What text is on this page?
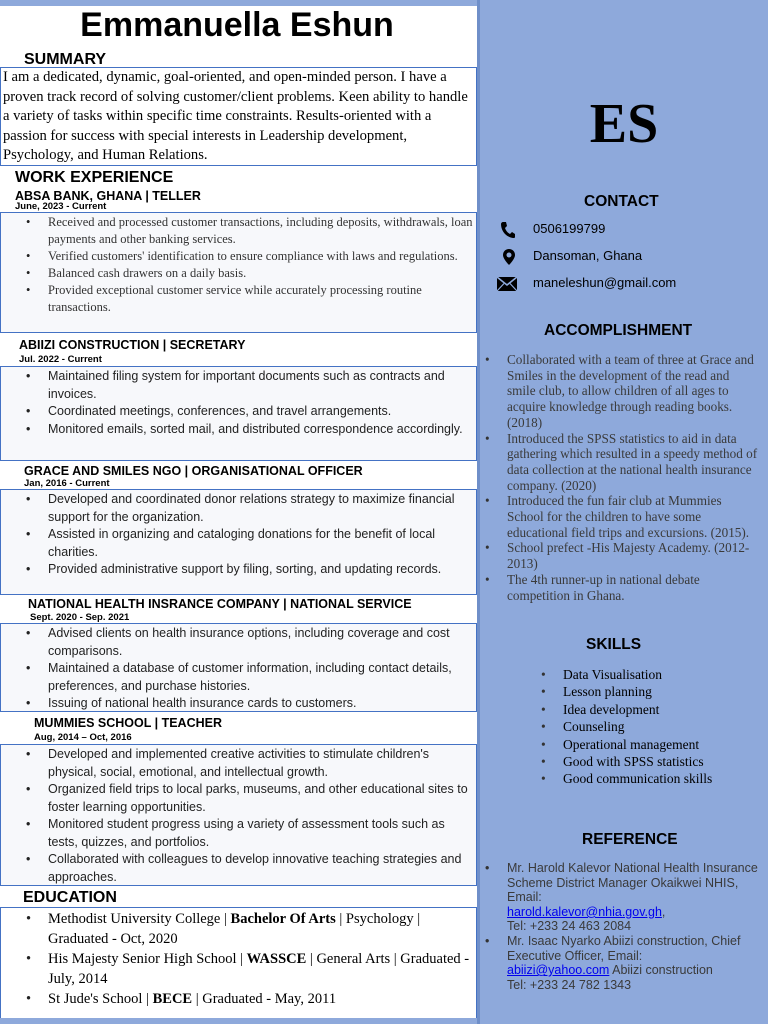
Emmanuella Eshun
SUMMARY
I am a dedicated, dynamic, goal-oriented, and open-minded person. I have a proven track record of solving customer/client problems. Keen ability to handle a variety of tasks within specific time constraints. Results-oriented with a passion for success with special interests in Leadership development, Psychology, and Human Relations.
WORK EXPERIENCE
ABSA BANK, GHANA | TELLER
June, 2023 - Current
• Received and processed customer transactions, including deposits, withdrawals, loan payments and other banking services.
• Verified customers' identification to ensure compliance with laws and regulations.
• Balanced cash drawers on a daily basis.
• Provided exceptional customer service while accurately processing routine transactions.
ABIIZI CONSTRUCTION | SECRETARY
Jul. 2022 - Current
• Maintained filing system for important documents such as contracts and invoices.
• Coordinated meetings, conferences, and travel arrangements.
• Monitored emails, sorted mail, and distributed correspondence accordingly.
GRACE AND SMILES NGO | ORGANISATIONAL OFFICER
Jan, 2016 - Current
• Developed and coordinated donor relations strategy to maximize financial support for the organization.
• Assisted in organizing and cataloging donations for the benefit of local charities.
• Provided administrative support by filing, sorting, and updating records.
NATIONAL HEALTH INSRANCE COMPANY | NATIONAL SERVICE
Sept. 2020 - Sep. 2021
• Advised clients on health insurance options, including coverage and cost comparisons.
• Maintained a database of customer information, including contact details, preferences, and purchase histories.
• Issuing of national health insurance cards to customers.
MUMMIES SCHOOL | TEACHER
Aug, 2014 – Oct, 2016
• Developed and implemented creative activities to stimulate children's physical, social, emotional, and intellectual growth.
• Organized field trips to local parks, museums, and other educational sites to foster learning opportunities.
• Monitored student progress using a variety of assessment tools such as tests, quizzes, and portfolios.
• Collaborated with colleagues to develop innovative teaching strategies and approaches.
EDUCATION
• Methodist University College | Bachelor Of Arts | Psychology | Graduated - Oct, 2020
• His Majesty Senior High School | WASSCE | General Arts | Graduated - July, 2014
• St Jude's School | BECE | Graduated - May, 2011
ES
CONTACT
0506199799
Dansoman, Ghana
maneleshun@gmail.com
ACCOMPLISHMENT
• Collaborated with a team of three at Grace and Smiles in the development of the read and smile club, to allow children of all ages to acquire knowledge through reading books. (2018)
• Introduced the SPSS statistics to aid in data gathering which resulted in a speedy method of data collection at the national health insurance company. (2020)
• Introduced the fun fair club at Mummies School for the children to have some educational field trips and excursions. (2015).
• School prefect -His Majesty Academy. (2012-2013)
• The 4th runner-up in national debate competition in Ghana.
SKILLS
• Data Visualisation
• Lesson planning
• Idea development
• Counseling
• Operational management
• Good with SPSS statistics
• Good communication skills
REFERENCE
• Mr. Harold Kalevor National Health Insurance Scheme District Manager Okaikwei NHIS, Email:
harold.kalevor@nhia.gov.gh,
Tel: +233 24 463 2084
• Mr. Isaac Nyarko Abiizi construction, Chief Executive Officer, Email:
abiizi@yahoo.com Abiizi construction
Tel: +233 24 782 1343
